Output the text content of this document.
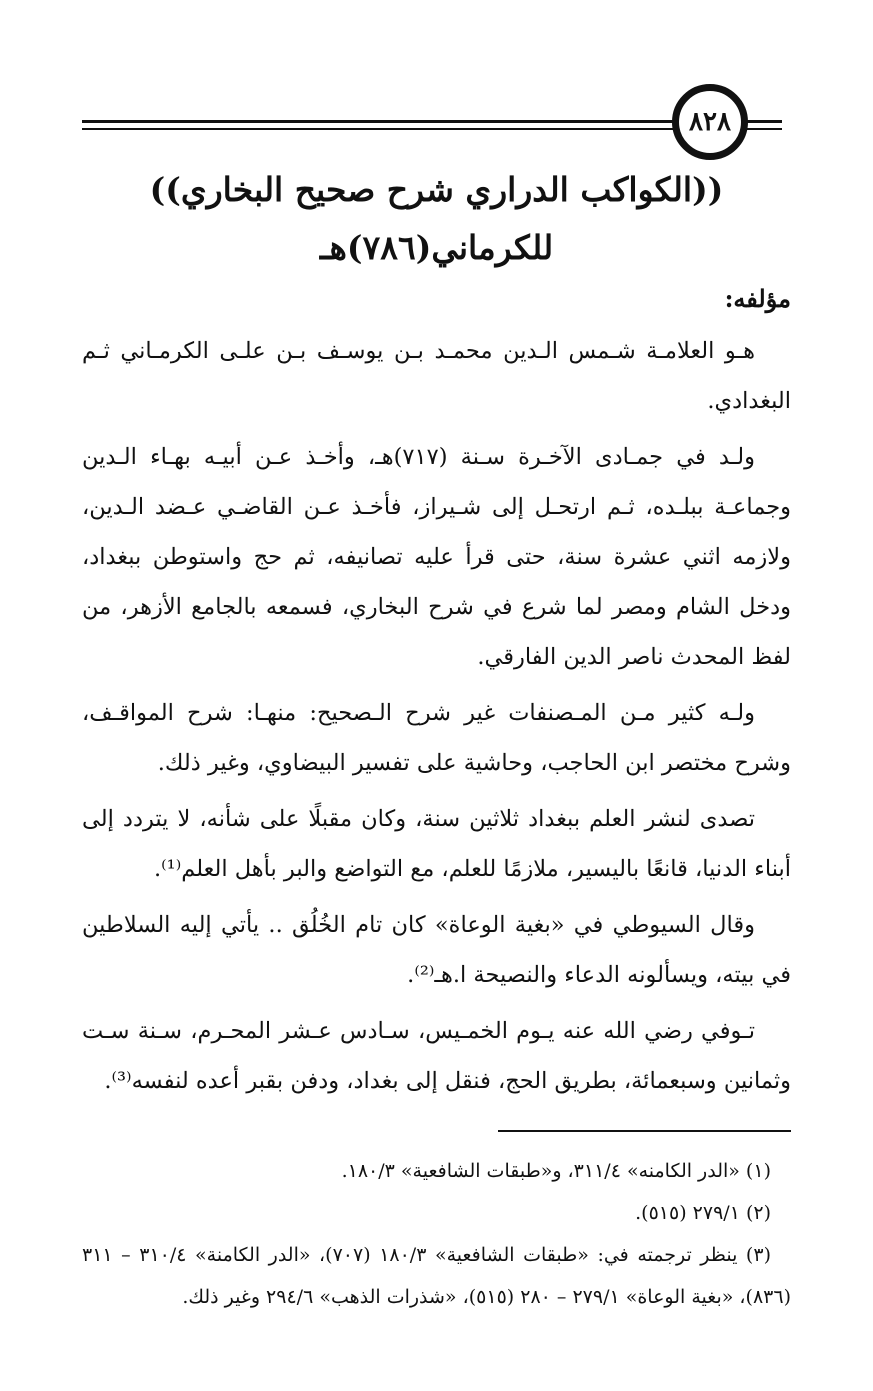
٨٢٨
((الكواكب الدراري شرح صحيح البخاري))
للكرماني(٧٨٦)هـ
مؤلفه:

هـو العلامـة شـمس الـدين محمـد بـن يوسـف بـن علـى الكرمـاني ثـم البغدادي.

ولـد في جمـادى الآخـرة سـنة (٧١٧)هـ، وأخـذ عـن أبيـه بهـاء الـدين وجماعـة ببلـده، ثـم ارتحـل إلى شـيراز، فأخـذ عـن القاضـي عـضد الـدين، ولازمه اثني عشرة سنة، حتى قرأ عليه تصانيفه، ثم حج واستوطن ببغداد، ودخل الشام ومصر لما شرع في شرح البخاري، فسمعه بالجامع الأزهر، من لفظ المحدث ناصر الدين الفارقي.

ولـه كثير مـن المـصنفات غير شرح الـصحيح: منهـا: شرح المواقـف، وشرح مختصر ابن الحاجب، وحاشية على تفسير البيضاوي، وغير ذلك.

تصدى لنشر العلم ببغداد ثلاثين سنة، وكان مقبلًا على شأنه، لا يتردد إلى أبناء الدنيا، قانعًا باليسير، ملازمًا للعلم، مع التواضع والبر بأهل العلم⁽¹⁾.

وقال السيوطي في «بغية الوعاة» كان تام الخُلُق .. يأتي إليه السلاطين في بيته، ويسألونه الدعاء والنصيحة ا.هـ⁽²⁾.

تـوفي رضي الله عنه يـوم الخمـيس، سـادس عـشر المحـرم، سـنة سـت وثمانين وسبعمائة، بطريق الحج، فنقل إلى بغداد، ودفن بقبر أعده لنفسه⁽³⁾.

(١) «الدر الكامنه» ٣١١/٤، و«طبقات الشافعية» ١٨٠/٣.

(٢) ٢٧٩/١ (٥١٥).

(٣) ينظر ترجمته في: «طبقات الشافعية» ١٨٠/٣ (٧٠٧)، «الدر الكامنة» ٣١٠/٤ – ٣١١ (٨٣٦)، «بغية الوعاة» ٢٧٩/١ – ٢٨٠ (٥١٥)، «شذرات الذهب» ٢٩٤/٦ وغير ذلك.
